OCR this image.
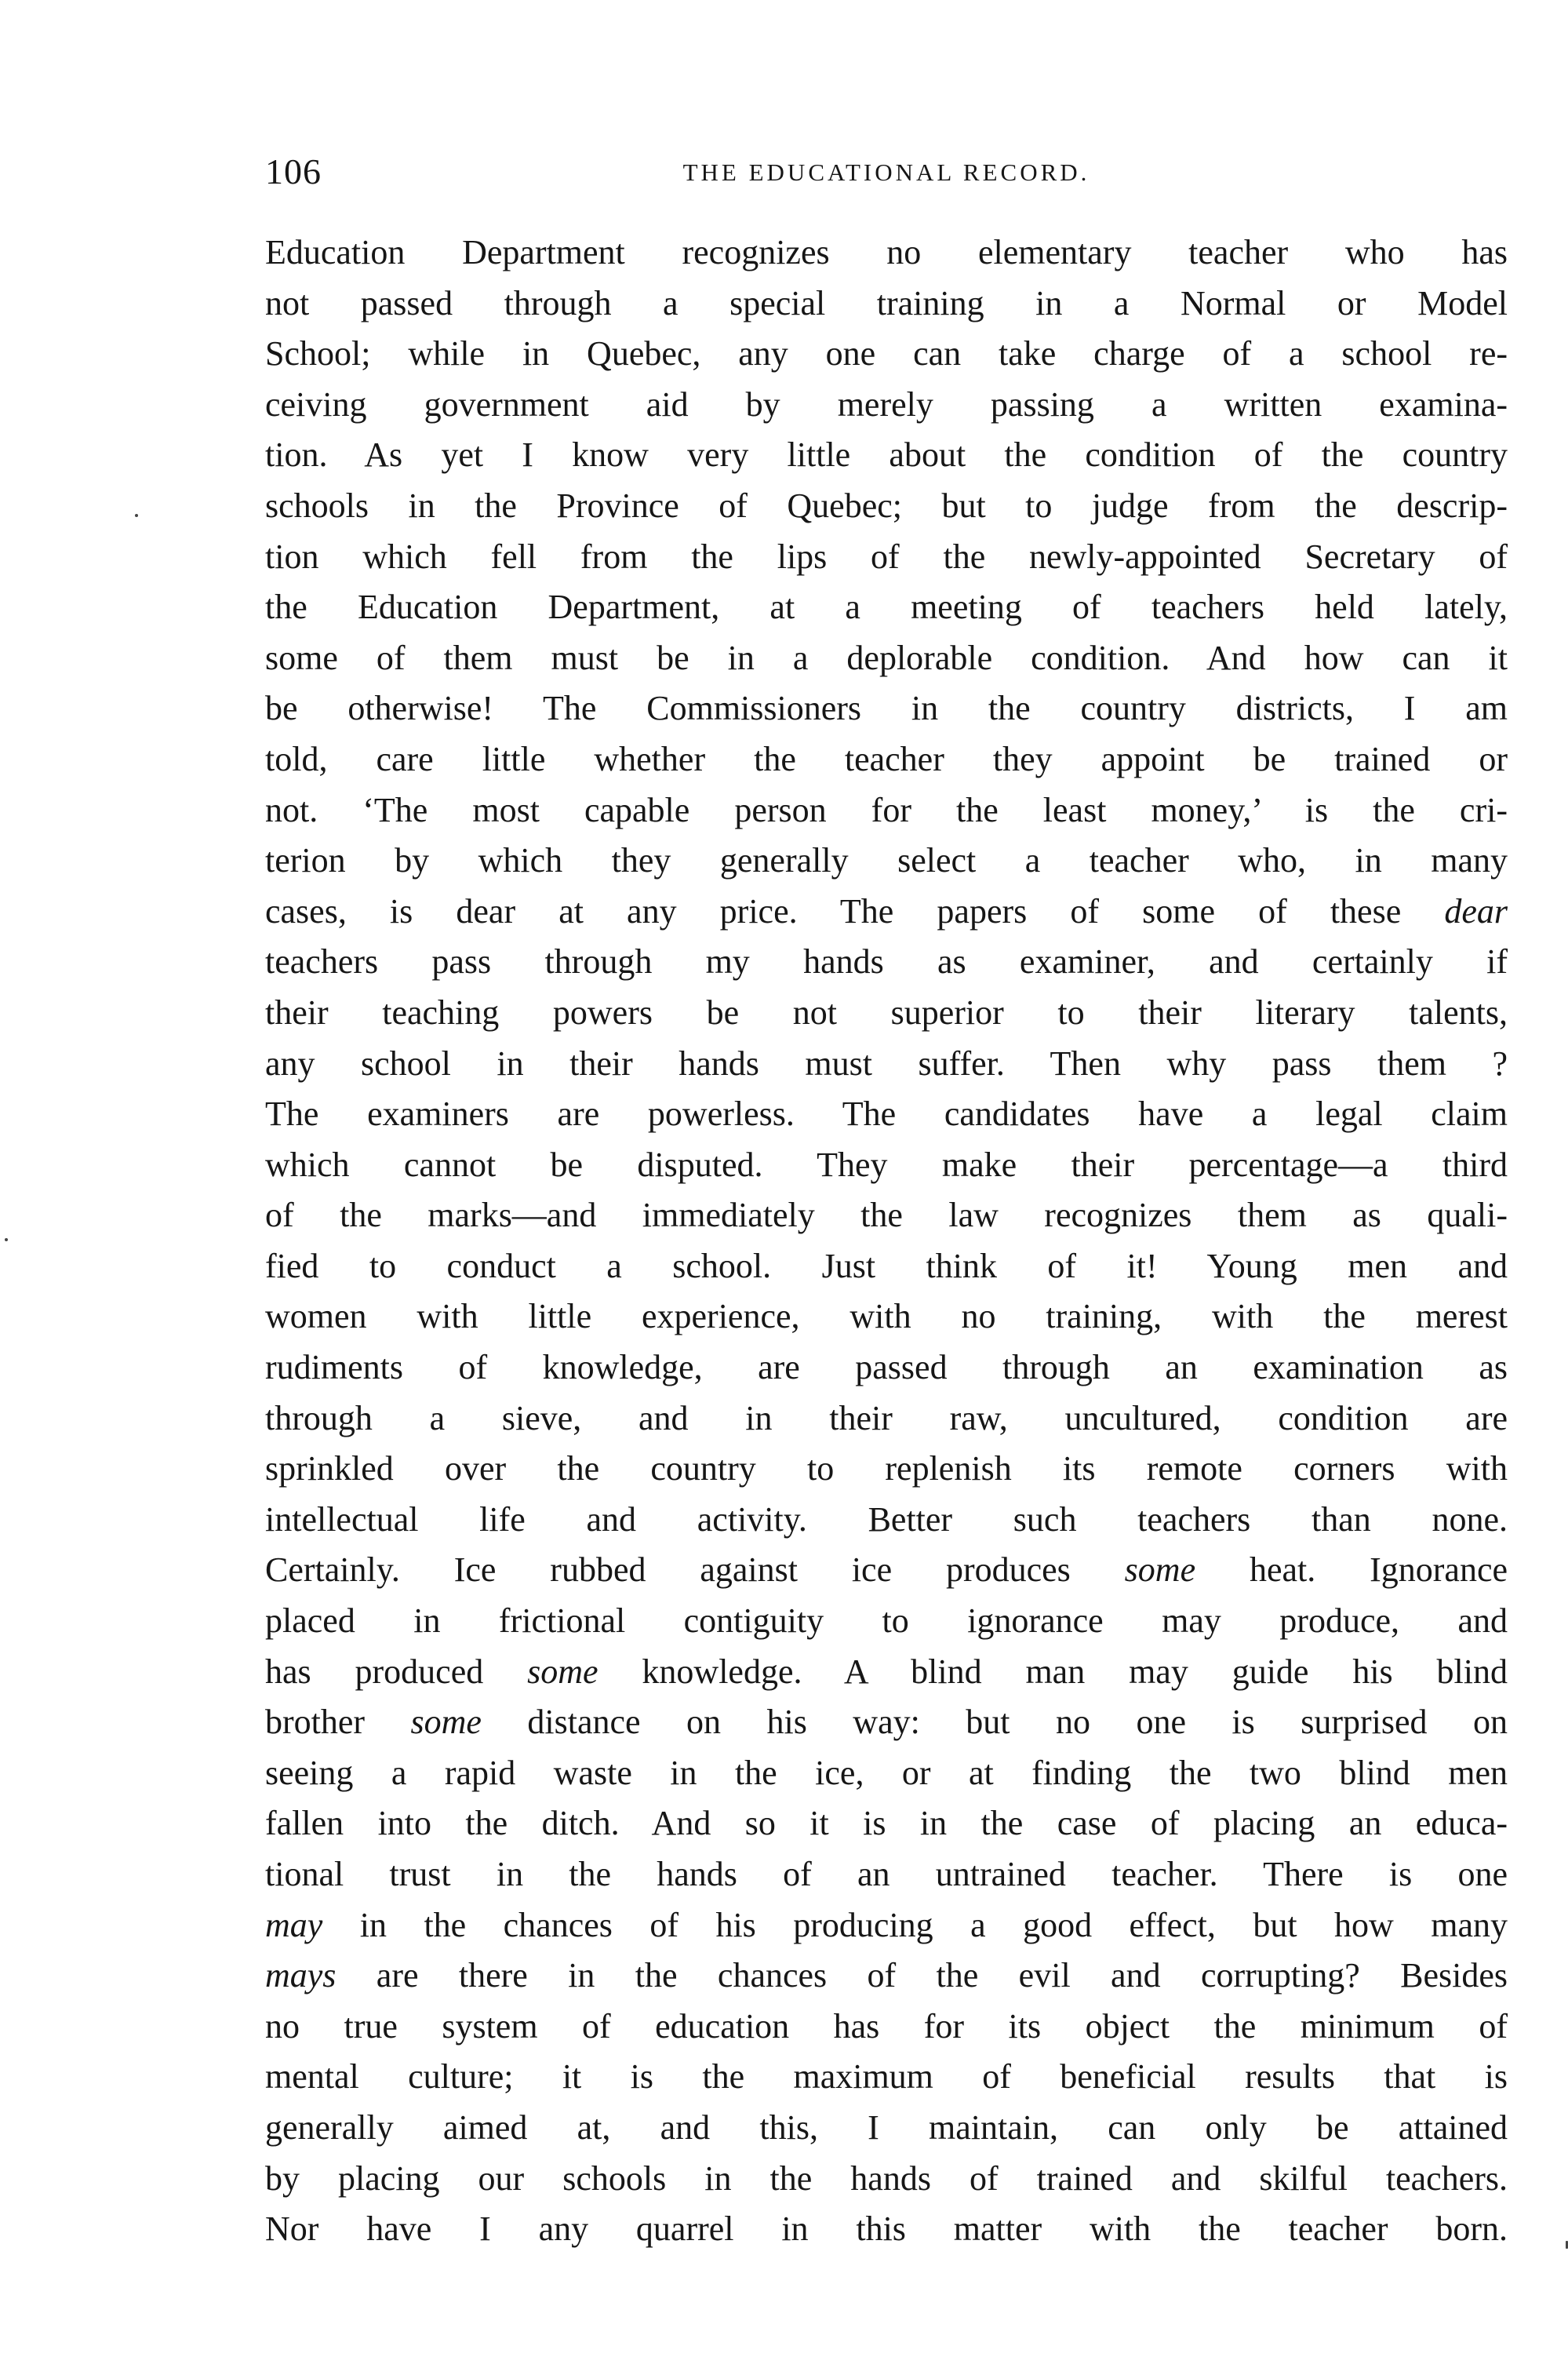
106	THE EDUCATIONAL RECORD.
Education Department recognizes no elementary teacher who has
not passed through a special training in a Normal or Model
School; while in Quebec, any one can take charge of a school re-
ceiving government aid by merely passing a written examina-
tion. As yet I know very little about the condition of the country
schools in the Province of Quebec; but to judge from the descrip-
tion which fell from the lips of the newly-appointed Secretary of
the Education Department, at a meeting of teachers held lately,
some of them must be in a deplorable condition. And how can it
be otherwise! The Commissioners in the country districts, I am
told, care little whether the teacher they appoint be trained or
not. ‘The most capable person for the least money,’ is the cri-
terion by which they generally select a teacher who, in many
cases, is dear at any price. The papers of some of these dear
teachers pass through my hands as examiner, and certainly if
their teaching powers be not superior to their literary talents,
any school in their hands must suffer. Then why pass them ?
The examiners are powerless. The candidates have a legal claim
which cannot be disputed. They make their percentage—a third
of the marks—and immediately the law recognizes them as quali-
fied to conduct a school. Just think of it! Young men and
women with little experience, with no training, with the merest
rudiments of knowledge, are passed through an examination as
through a sieve, and in their raw, uncultured, condition are
sprinkled over the country to replenish its remote corners with
intellectual life and activity. Better such teachers than none.
Certainly. Ice rubbed against ice produces some heat. Ignorance
placed in frictional contiguity to ignorance may produce, and
has produced some knowledge. A blind man may guide his blind
brother some distance on his way: but no one is surprised on
seeing a rapid waste in the ice, or at finding the two blind men
fallen into the ditch. And so it is in the case of placing an educa-
tional trust in the hands of an untrained teacher. There is one
may in the chances of his producing a good effect, but how many
mays are there in the chances of the evil and corrupting? Besides
no true system of education has for its object the minimum of
mental culture; it is the maximum of beneficial results that is
generally aimed at, and this, I maintain, can only be attained
by placing our schools in the hands of trained and skilful teachers.
Nor have I any quarrel in this matter with the teacher born.
